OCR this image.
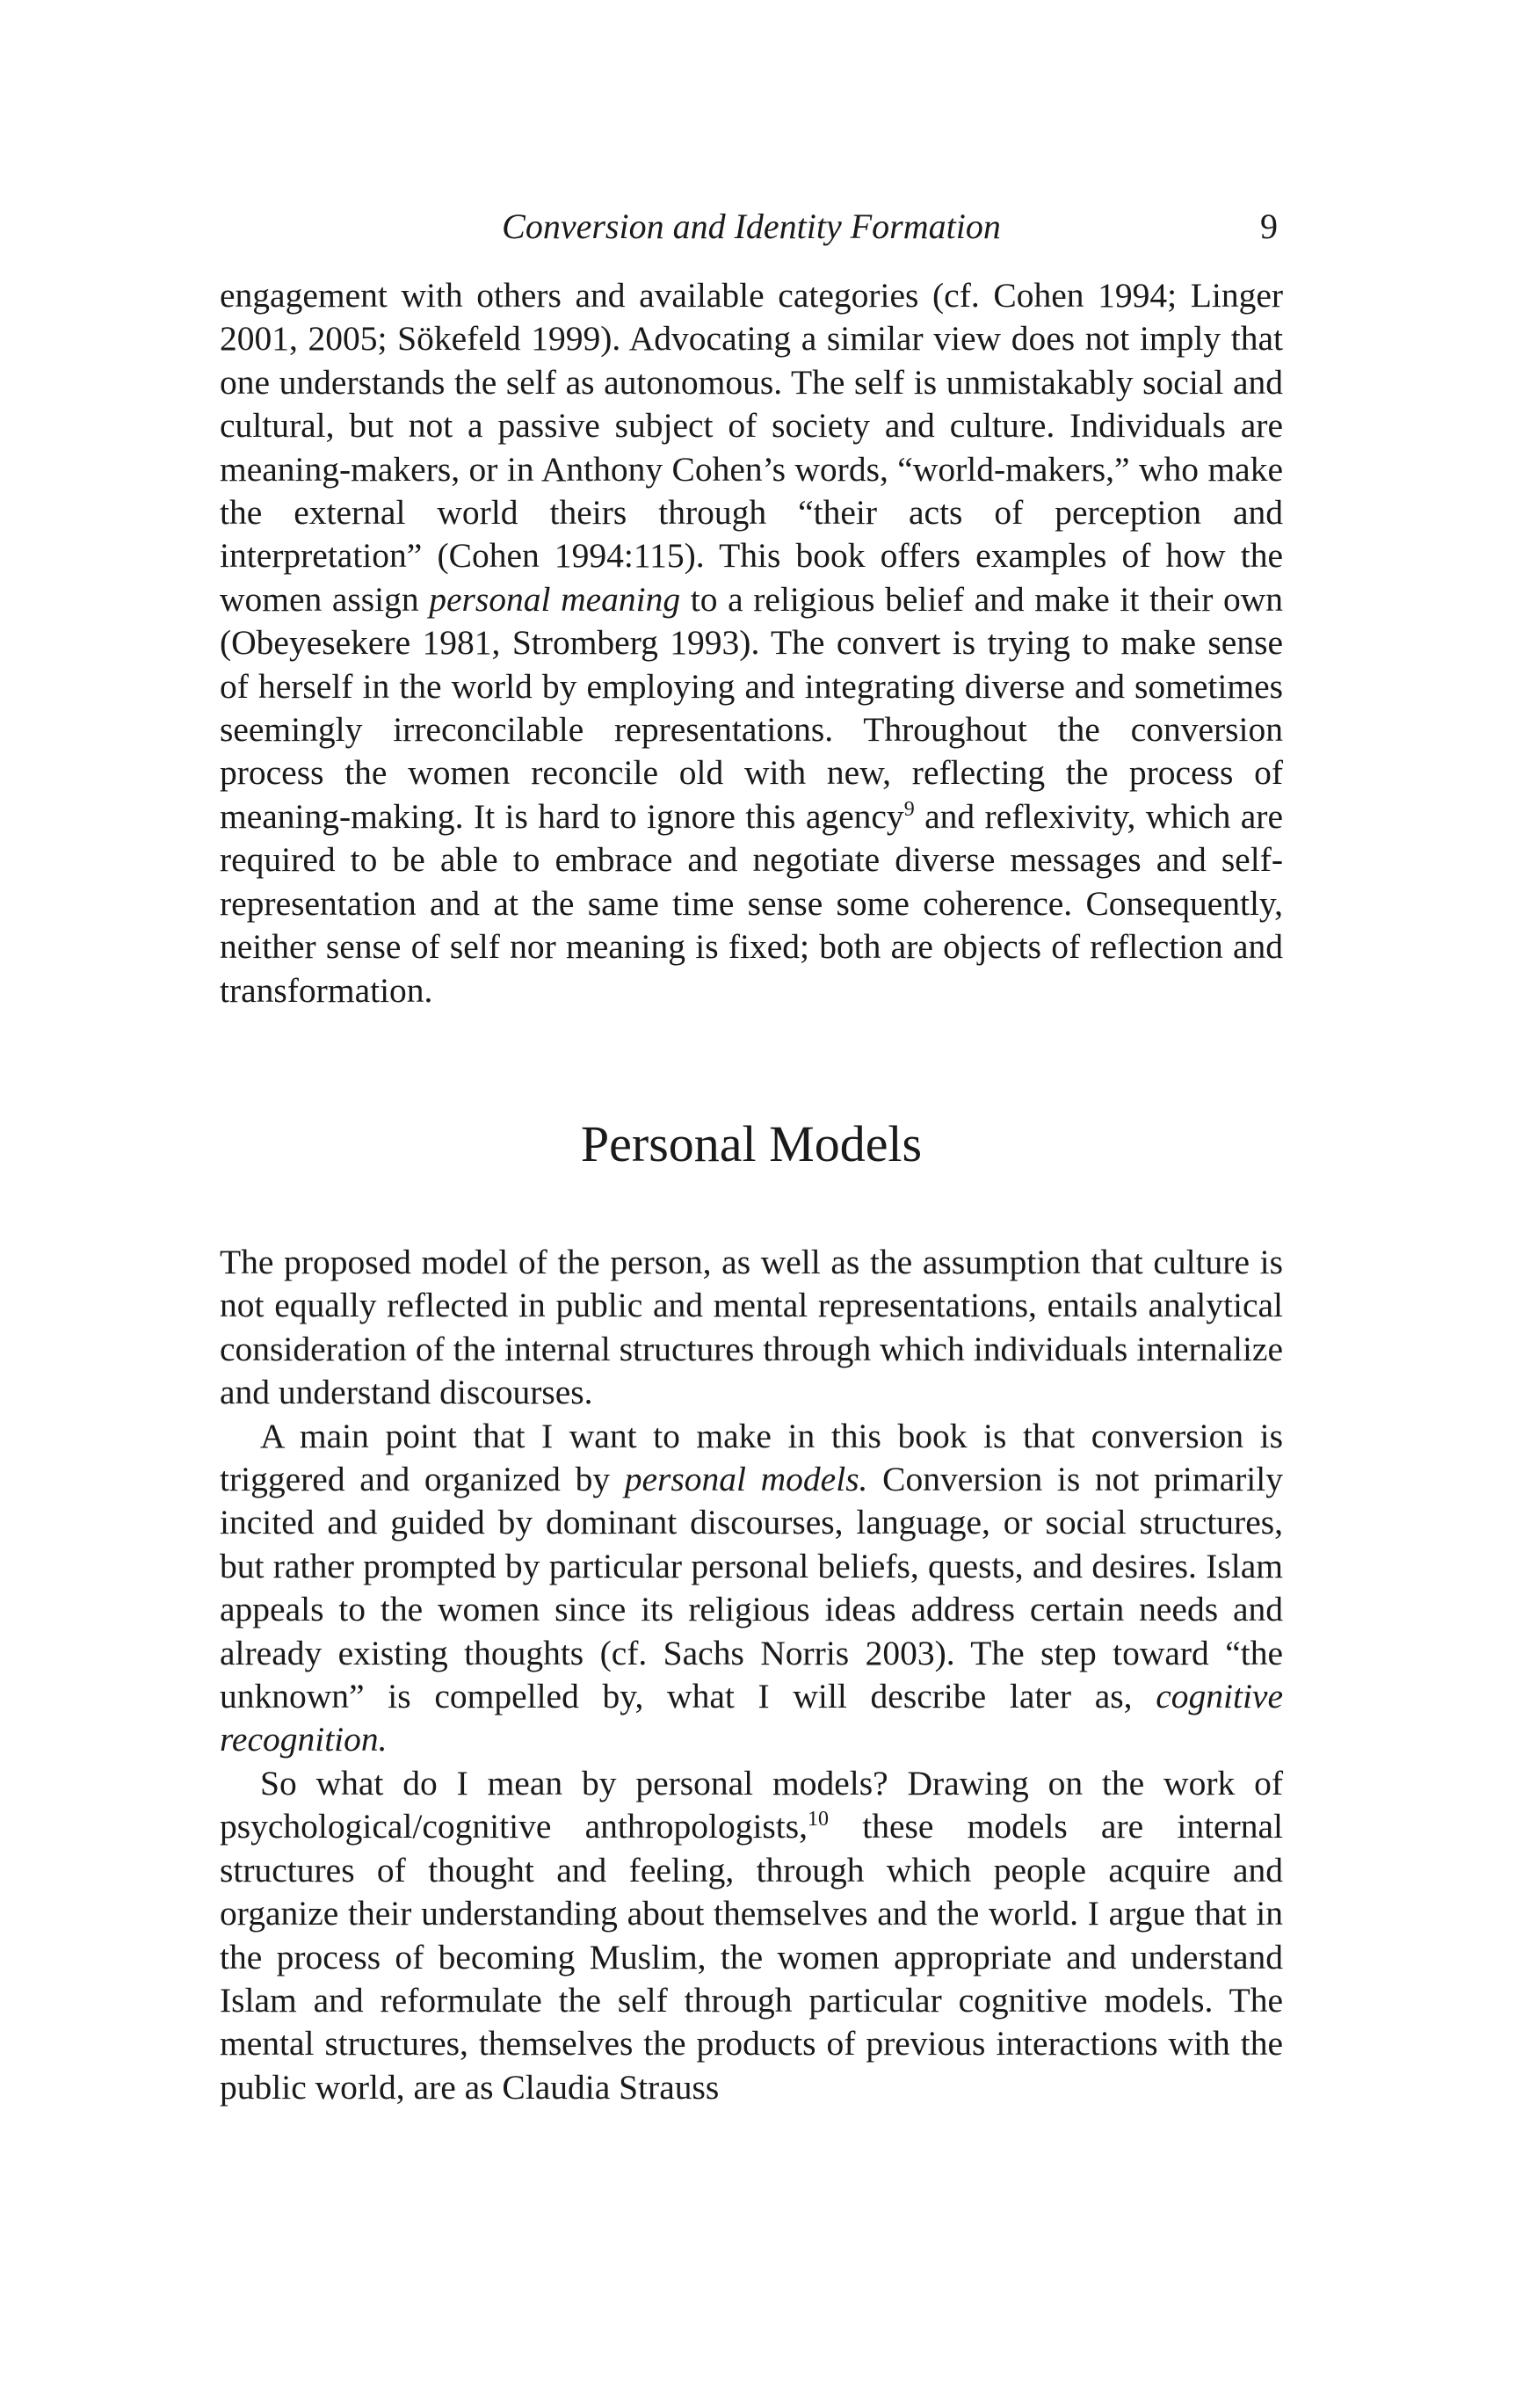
Conversion and Identity Formation	9

engagement with others and available categories (cf. Cohen 1994; Linger 2001, 2005; Sökefeld 1999). Advocating a similar view does not imply that one understands the self as autonomous. The self is unmistakably social and cultural, but not a passive subject of society and culture. Individuals are meaning-makers, or in Anthony Cohen’s words, “world-makers,” who make the external world theirs through “their acts of perception and interpretation” (Cohen 1994:115). This book offers examples of how the women assign personal meaning to a religious belief and make it their own (Obeyesekere 1981, Stromberg 1993). The convert is trying to make sense of herself in the world by employing and integrating diverse and sometimes seemingly irreconcilable representations. Throughout the conversion process the women reconcile old with new, reflecting the process of meaning-making. It is hard to ignore this agency$^9$ and reflexivity, which are required to be able to embrace and negotiate diverse messages and self-representation and at the same time sense some coherence. Consequently, neither sense of self nor meaning is fixed; both are objects of reflection and transformation.

Personal Models

The proposed model of the person, as well as the assumption that culture is not equally reflected in public and mental representations, entails analytical consideration of the internal structures through which individuals internalize and understand discourses.

A main point that I want to make in this book is that conversion is triggered and organized by personal models. Conversion is not primarily incited and guided by dominant discourses, language, or social structures, but rather prompted by particular personal beliefs, quests, and desires. Islam appeals to the women since its religious ideas address certain needs and already existing thoughts (cf. Sachs Norris 2003). The step toward “the unknown” is compelled by, what I will describe later as, cognitive recognition.

So what do I mean by personal models? Drawing on the work of psychological/cognitive anthropologists,$^{10}$ these models are internal structures of thought and feeling, through which people acquire and organize their understanding about themselves and the world. I argue that in the process of becoming Muslim, the women appropriate and understand Islam and reformulate the self through particular cognitive models. The mental structures, themselves the products of previous interactions with the public world, are as Claudia Strauss
